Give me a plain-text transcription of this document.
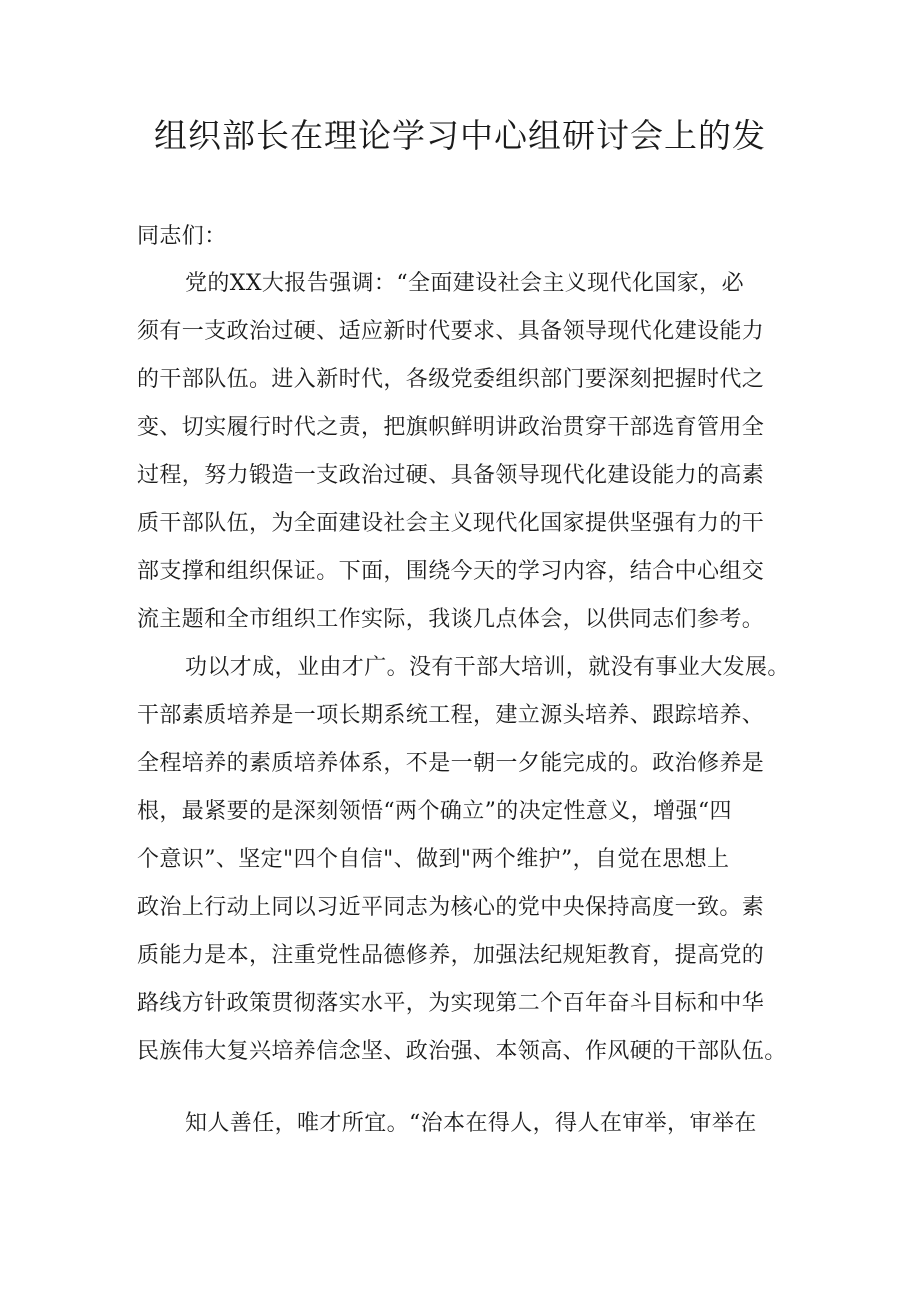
组织部长在理论学习中心组研讨会上的发
同志们：
党的XX大报告强调：“全面建设社会主义现代化国家，必
须有一支政治过硬、适应新时代要求、具备领导现代化建设能力
的干部队伍。进入新时代，各级党委组织部门要深刻把握时代之
变、切实履行时代之责，把旗帜鲜明讲政治贯穿干部选育管用全
过程，努力锻造一支政治过硬、具备领导现代化建设能力的高素
质干部队伍，为全面建设社会主义现代化国家提供坚强有力的干
部支撑和组织保证。下面，围绕今天的学习内容，结合中心组交
流主题和全市组织工作实际，我谈几点体会，以供同志们参考。
功以才成，业由才广。没有干部大培训，就没有事业大发展。
干部素质培养是一项长期系统工程，建立源头培养、跟踪培养、
全程培养的素质培养体系，不是一朝一夕能完成的。政治修养是
根，最紧要的是深刻领悟“两个确立”的决定性意义，增强“四
个意识”、坚定"四个自信"、做到"两个维护”，自觉在思想上
政治上行动上同以习近平同志为核心的党中央保持高度一致。素
质能力是本，注重党性品德修养，加强法纪规矩教育，提高党的
路线方针政策贯彻落实水平，为实现第二个百年奋斗目标和中华
民族伟大复兴培养信念坚、政治强、本领高、作风硬的干部队伍。
知人善任，唯才所宜。“治本在得人，得人在审举，审举在
